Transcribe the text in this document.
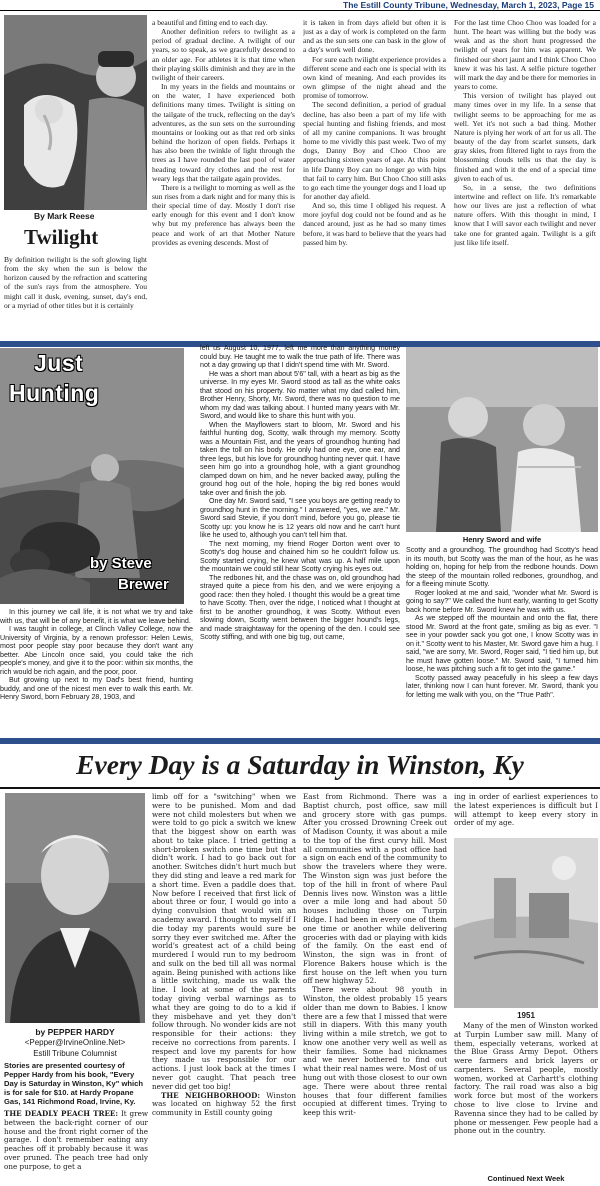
The Estill County Tribune, Wednesday, March 1, 2023, Page 15
By Mark Reese
Twilight

By definition twilight is the soft glowing light from the sky when the sun is below the horizon caused by the refraction and scattering of the sun's rays from the atmosphere. You might call it dusk, evening, sunset, day's end, or a myriad of other titles but it is certainly

a beautiful and fitting end to each day.

Another definition refers to twilight as a period of gradual decline. A twilight of our years, so to speak, as we gracefully descend to an older age. For athletes it is that time when their playing skills diminish and they are in the twilight of their careers.

In my years in the fields and mountains or on the water, I have experienced both definitions many times. Twilight is sitting on the tailgate of the truck, reflecting on the day's adventures, as the sun sets on the surrounding mountains or looking out as that red orb sinks behind the horizon of open fields. Perhaps it has also been the twinkle of light through the trees as I have rounded the last pool of water heading toward dry clothes and the rest for weary legs that the tailgate again provides.

There is a twilight to morning as well as the sun rises from a dark night and for many this is their special time of day. Mostly I don't rise early enough for this event and I don't know why but my preference has always been the peace and work of art that Mother Nature provides as evening descends. Most of

it is taken in from days afield but often it is just as a day of work is completed on the farm and as the sun sets one can bask in the glow of a day's work well done.

For sure each twilight experience provides a different scene and each one is special with its own kind of meaning. And each provides its own glimpse of the night ahead and the promise of tomorrow.

The second definition, a period of gradual decline, has also been a part of my life with special hunting and fishing friends, and most of all my canine companions. It was brought home to me vividly this past week. Two of my dogs, Danny Boy and Choo Choo are approaching sixteen years of age. At this point in life Danny Boy can no longer go with hips that fail to carry him. But Choo Choo still asks to go each time the younger dogs and I load up for another day afield.

And so, this time I obliged his request. A more joyful dog could not be found and as he danced around, just as he had so many times before, it was hard to believe that the years had passed him by.

For the last time Choo Choo was loaded for a hunt. The heart was willing but the body was weak and as the short hunt progressed the twilight of years for him was apparent. We finished our short jaunt and I think Choo Choo knew it was his last. A selfie picture together will mark the day and be there for memories in years to come.

This version of twilight has played out many times over in my life. In a sense that twilight seems to be approaching for me as well. Yet it's not such a bad thing. Mother Nature is plying her work of art for us all. The beauty of the day from scarlet sunsets, dark gray skies, from filtered light to rays from the blossoming clouds tells us that the day is finished and with it the end of a special time given to each of us.

So, in a sense, the two definitions intertwine and reflect on life. It's remarkable how our lives are just a reflection of what nature offers. With this thought in mind, I know that I will savor each twilight and never take one for granted again. Twilight is a gift just like life itself.

Just
Hunting
by Steve
Brewer

In this journey we call life, it is not what we try and take with us, that will be of any benefit, it is what we leave behind.

I was taught in college, at Clinch Valley College, now the University of Virginia, by a renown professor: Helen Lewis, most poor people stay poor because they don't want any better. Abe Lincoln once said, you could take the rich people's money, and give it to the poor: within six months, the rich would be rich again, and the poor, poor.

But growing up next to my Dad's best friend, hunting buddy, and one of the nicest men ever to walk this earth. Mr. Henry Sword, born February 28, 1903, and

left us August 10, 1977, left me more than anything money could buy. He taught me to walk the true path of life. There was not a day growing up that I didn't spend time with Mr. Sword.

He was a short man about 5'6" tall, with a heart as big as the universe. In my eyes Mr. Sword stood as tall as the white oaks that stood on his property. No matter what my dad called him, Brother Henry, Shorty, Mr. Sword, there was no question to me whom my dad was talking about. I hunted many years with Mr. Sword, and would like to share this hunt with you.

When the Mayflowers start to bloom, Mr. Sword and his faithful hunting dog, Scotty, walk through my memory. Scotty was a Mountain Fist, and the years of groundhog hunting had taken the toll on his body. He only had one eye, one ear, and three legs, but his love for groundhog hunting never quit. I have seen him go into a groundhog hole, with a giant groundhog clamped down on him, and he never backed away, pulling the ground hog out of the hole, hoping the big red bones would take over and finish the job.

One day Mr. Sword said, "I see you boys are getting ready to groundhog hunt in the morning." I answered, "yes, we are." Mr. Sword said Stevie, if you don't mind, before you go, please tie Scotty up: you know he is 12 years old now and he can't hunt like he used to, although you can't tell him that.

The next morning, my friend Roger Dorton went over to Scotty's dog house and chained him so he couldn't follow us. Scotty started crying, he knew what was up. A half mile upon the mountain we could still hear Scotty crying his eyes out.

The redbones hit, and the chase was on, old groundhog had strayed quite a piece from his den, and we were enjoying a good race: then they holed. I thought this would be a great time to have Scotty. Then, over the ridge, I noticed what I thought at first to be another groundhog, it was Scotty. Without even slowing down, Scotty went between the bigger hound's legs, and made straightaway for the opening of the den. I could see Scotty stiffing, and with one big tug, out came,

Henry Sword and wife

Scotty and a groundhog. The groundhog had Scotty's head in its mouth, but Scotty was the man of the hour, as he was holding on, hoping for help from the redbone hounds. Down the steep of the mountain rolled redbones, groundhog, and for a fleeing minute Scotty.

Roger looked at me and said, "wonder what Mr. Sword is going to say?" We called the hunt early, wanting to get Scotty back home before Mr. Sword knew he was with us.

As we stepped off the mountain and onto the flat, there stood Mr. Sword at the front gate, smiling as big as ever. "I see in your powder sack you got one, I know Scotty was in on it." Scotty went to his Master, Mr. Sword gave him a hug. I said, "we are sorry, Mr. Sword, Roger said, "I tied him up, but he must have gotten loose." Mr. Sword said, "I turned him loose, he was pitching such a fit to get into the game."

Scotty passed away peacefully in his sleep a few days later, thinking now I can hunt forever. Mr. Sword, thank you for letting me walk with you, on the "True Path".

Every Day is a Saturday in Winston, Ky
by PEPPER HARDY
<Pepper@IrvineOnline.Net>
Estill Tribune Columnist
Stories are presented courtesy of Pepper Hardy from his book, "Every Day is Saturday in Winston, Ky" which is for sale for $10. at Hardy Propane Gas, 141 Richmond Road, Irvine, Ky.

THE DEADLY PEACH TREE: It grew between the back-right corner of our house and the front right corner of the garage. I don't remember eating any peaches off it probably because it was over pruned. The peach tree had only one purpose, to get a

limb off for a "switching" when we were to be punished. Mom and dad were not child molesters but when we were told to go pick a switch we knew that the biggest show on earth was about to take place. I tried getting a short-broken switch one time but that didn't work. I had to go back out for another. Switches didn't hurt much but they did sting and leave a red mark for a short time. Even a paddle does that. Now before I received that first lick of about three or four, I would go into a dying convulsion that would win an academy award. I thought to myself if I die today my parents would sure be sorry they ever switched me. After the world's greatest act of a child being murdered I would run to my bedroom and sulk on the bed till all was normal again. Being punished with actions like a little switching, made us walk the line. I look at some of the parents today giving verbal warnings as to what they are going to do to a kid if they misbehave and yet they don't follow through. No wonder kids are not responsible for their actions: they receive no corrections from parents. I respect and love my parents for how they made us responsible for our actions. I just look back at the times I never got caught. That peach tree never did get too big!

THE NEIGHBORHOOD: Winston was located on highway 52 the first community in Estill county going

East from Richmond. There was a Baptist church, post office, saw mill and grocery store with gas pumps. After you crossed Drowning Creek out of Madison County, it was about a mile to the top of the first curvy hill. Most all communities with a post office had a sign on each end of the community to show the travelers where they were. The Winston sign was just before the top of the hill in front of where Paul Dennis lives now. Winston was a little over a mile long and had about 50 houses including those on Turpin Ridge. I had been in every one of them one time or another while delivering groceries with dad or playing with kids of the family. On the east end of Winston, the sign was in front of Florence Bakers house which is the first house on the left when you turn off new highway 52.

There were about 98 youth in Winston, the oldest probably 15 years older than me down to Babies. I know there are a few that I missed that were still in diapers. With this many youth living within a mile stretch, we got to know one another very well as well as their families. Some had nicknames and we never bothered to find out what their real names were. Most of us hung out with those closest to our own age. There were about three rental houses that four different families occupied at different times. Trying to keep this writ-

ing in order of earliest experiences to the latest experiences is difficult but I will attempt to keep every story in order of my age.

1951

Many of the men of Winston worked at Turpin Lumber saw mill. Many of them, especially veterans, worked at the Blue Grass Army Depot. Others were farmers and brick layers or carpenters. Several people, mostly women, worked at Carhartt's clothing factory. The rail road was also a big work force but most of the workers chose to live close to Irvine and Ravenna since they had to be called by phone or messenger. Few people had a phone out in the country.

Continued Next Week
